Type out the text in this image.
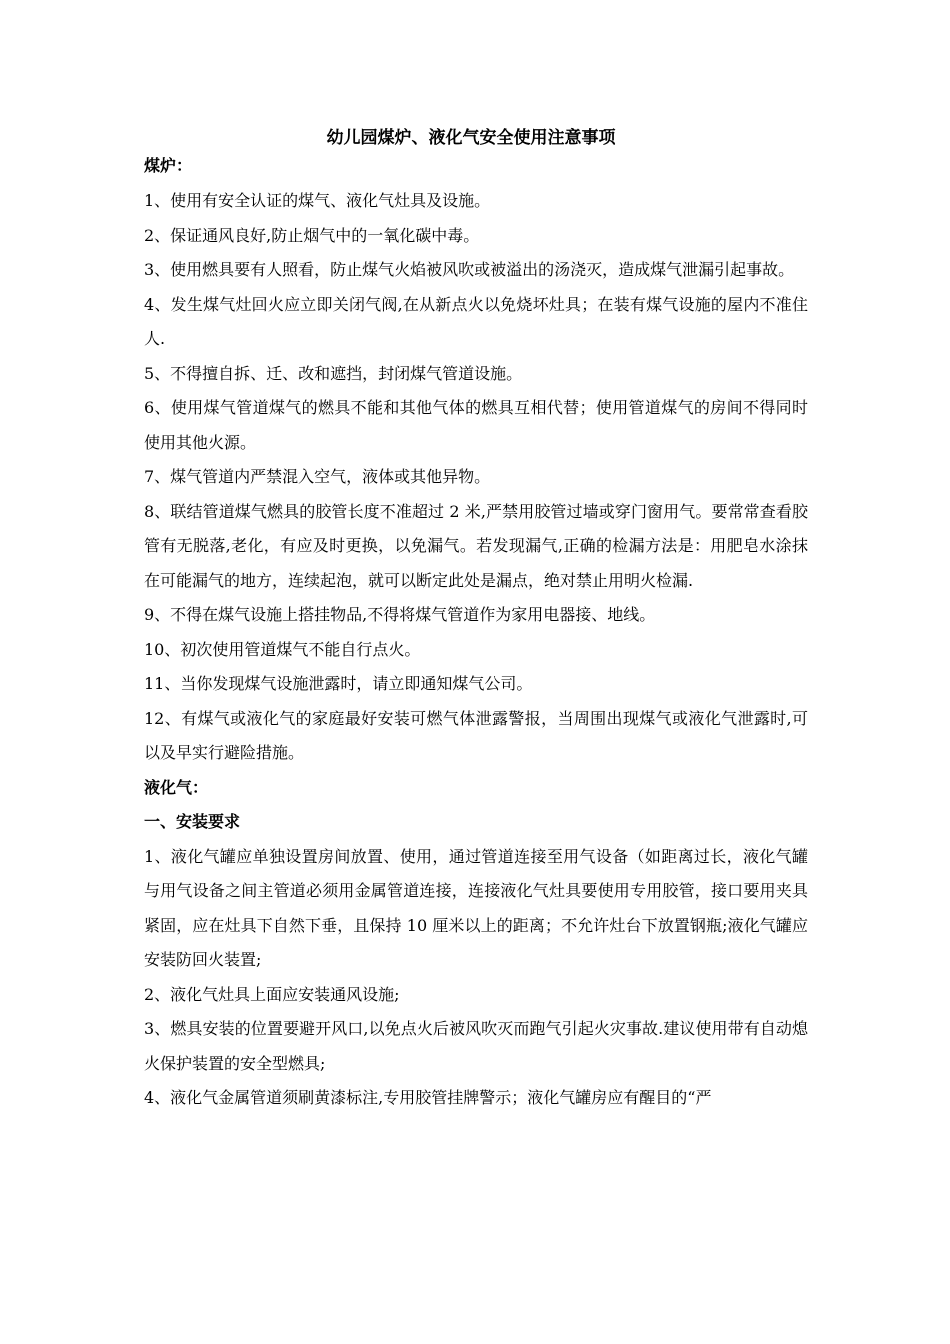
幼儿园煤炉、液化气安全使用注意事项

煤炉：

1、使用有安全认证的煤气、液化气灶具及设施。

2、保证通风良好,防止烟气中的一氧化碳中毒。

3、使用燃具要有人照看，防止煤气火焰被风吹或被溢出的汤浇灭，造成煤气泄漏引起事故。

4、发生煤气灶回火应立即关闭气阀,在从新点火以免烧坏灶具；在装有煤气设施的屋内不准住人.

5、不得擅自拆、迁、改和遮挡，封闭煤气管道设施。

6、使用煤气管道煤气的燃具不能和其他气体的燃具互相代替；使用管道煤气的房间不得同时使用其他火源。

7、煤气管道内严禁混入空气，液体或其他异物。

8、联结管道煤气燃具的胶管长度不准超过 2 米,严禁用胶管过墙或穿门窗用气。要常常查看胶管有无脱落,老化，有应及时更换，以免漏气。若发现漏气,正确的检漏方法是：用肥皂水涂抹在可能漏气的地方，连续起泡，就可以断定此处是漏点，绝对禁止用明火检漏.

9、不得在煤气设施上搭挂物品,不得将煤气管道作为家用电器接、地线。

10、初次使用管道煤气不能自行点火。

11、当你发现煤气设施泄露时，请立即通知煤气公司。

12、有煤气或液化气的家庭最好安装可燃气体泄露警报，当周围出现煤气或液化气泄露时,可以及早实行避险措施。

液化气：

一、安装要求

1、液化气罐应单独设置房间放置、使用，通过管道连接至用气设备（如距离过长，液化气罐与用气设备之间主管道必须用金属管道连接，连接液化气灶具要使用专用胶管，接口要用夹具紧固，应在灶具下自然下垂，且保持 10 厘米以上的距离；不允许灶台下放置钢瓶;液化气罐应安装防回火装置;

2、液化气灶具上面应安装通风设施;

3、燃具安装的位置要避开风口,以免点火后被风吹灭而跑气引起火灾事故.建议使用带有自动熄火保护装置的安全型燃具;

4、液化气金属管道须刷黄漆标注,专用胶管挂牌警示；液化气罐房应有醒目的“严
